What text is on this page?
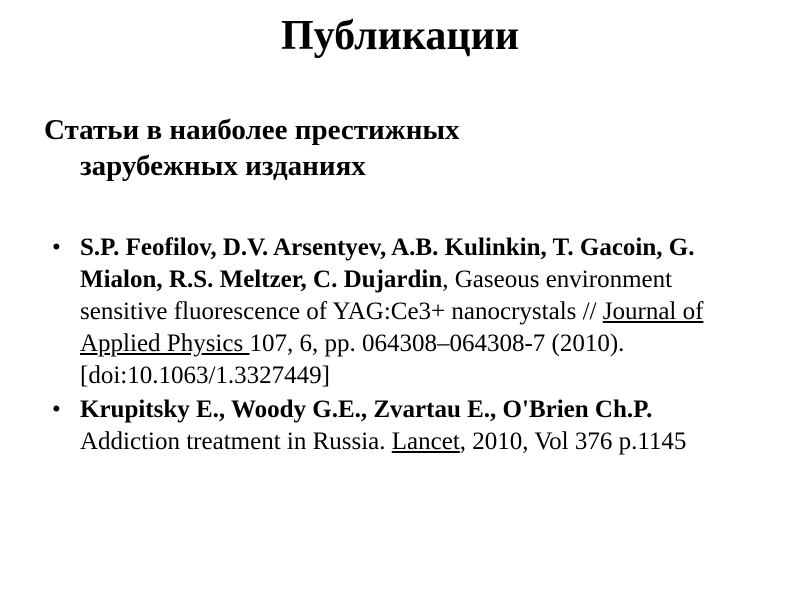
Публикации
Статьи в наиболее престижных
зарубежных изданиях
• S.P. Feofilov, D.V. Arsentyev, A.B. Kulinkin, T. Gacoin, G. Mialon, R.S. Meltzer, C. Dujardin, Gaseous environment sensitive fluorescence of YAG:Ce3+ nanocrystals // Journal of Applied Physics 107, 6, pp. 064308–064308-7 (2010). [doi:10.1063/1.3327449]
• Krupitsky E., Woody G.E., Zvartau E., O'Brien Ch.P. Addiction treatment in Russia. Lancet, 2010, Vol 376 p.1145
